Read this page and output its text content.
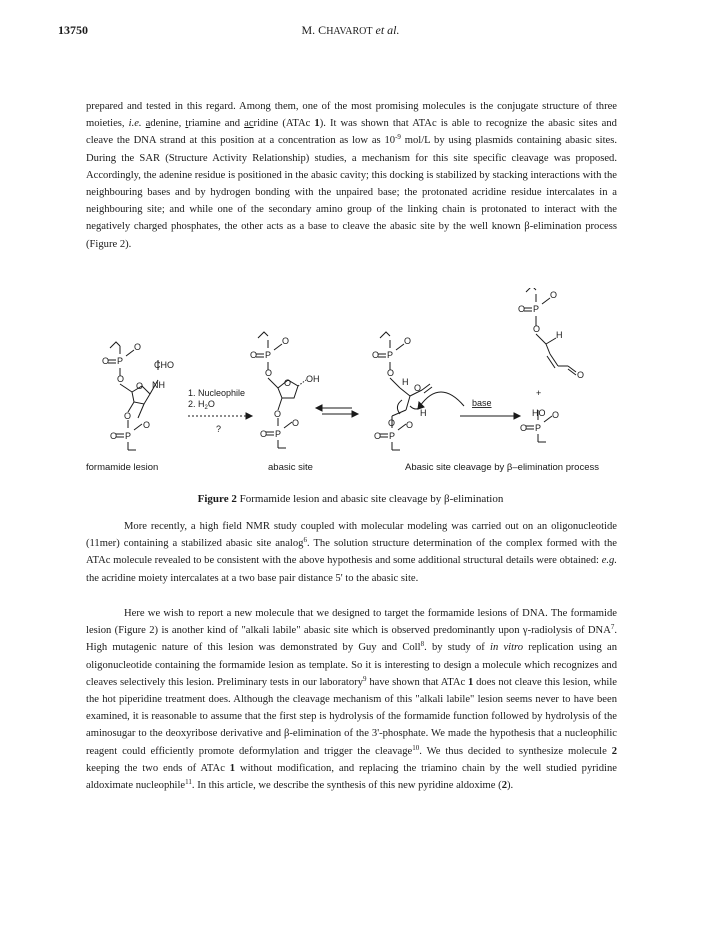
13750	M. CHAVAROT et al.

prepared and tested in this regard. Among them, one of the most promising molecules is the conjugate structure of three moieties, i.e. adenine, triamine and acridine (ATAc 1). It was shown that ATAc is able to recognize the abasic sites and cleave the DNA strand at this position at a concentration as low as $10^{-9}$ mol/L by using plasmids containing abasic sites. During the SAR (Structure Activity Relationship) studies, a mechanism for this site specific cleavage was proposed. Accordingly, the adenine residue is positioned in the abasic cavity; this docking is stabilized by stacking interactions with the neighbouring bases and by hydrogen bonding with the unpaired base; the protonated acridine residue intercalates in a neighbouring site; and while one of the secondary amino group of the linking chain is protonated to interact with the negatively charged phosphates, the other acts as a base to cleave the abasic site by the well known β-elimination process (Figure 2).

O P
O
O
CHO
NH
O
O
O P
O
1. Nucleophile
2. $H_2O$
?
O P
O
O
O OH
O
O P
O
O P
O
O
H
O
O
O P
O
H
base
O P
O
O
H
O
+
HO
O P
O
formamide lesion	abasic site	Abasic site cleavage by β–elimination process
Figure 2 Formamide lesion and abasic site cleavage by β-elimination

More recently, a high field NMR study coupled with molecular modeling was carried out on an oligonucleotide (11mer) containing a stabilized abasic site analog$^6$. The solution structure determination of the complex formed with the ATAc molecule revealed to be consistent with the above hypothesis and some additional structural details were obtained: e.g. the acridine moiety intercalates at a two base pair distance 5' to the abasic site.

Here we wish to report a new molecule that we designed to target the formamide lesions of DNA. The formamide lesion (Figure 2) is another kind of "alkali labile" abasic site which is observed predominantly upon γ-radiolysis of DNA$^7$. High mutagenic nature of this lesion was demonstrated by Guy and Coll$^8$. by study of in vitro replication using an oligonucleotide containing the formamide lesion as template. So it is interesting to design a molecule which recognizes and cleaves selectively this lesion. Preliminary tests in our laboratory$^9$ have shown that ATAc 1 does not cleave this lesion, while the hot piperidine treatment does. Although the cleavage mechanism of this "alkali labile" lesion seems never to have been examined, it is reasonable to assume that the first step is hydrolysis of the formamide function followed by hydrolysis of the aminosugar to the deoxyribose derivative and β-elimination of the 3'-phosphate. We made the hypothesis that a nucleophilic reagent could efficiently promote deformylation and trigger the cleavage$^{10}$. We thus decided to synthesize molecule 2 keeping the two ends of ATAc 1 without modification, and replacing the triamino chain by the well studied pyridine aldoximate nucleophile$^{11}$. In this article, we describe the synthesis of this new pyridine aldoxime (2).
